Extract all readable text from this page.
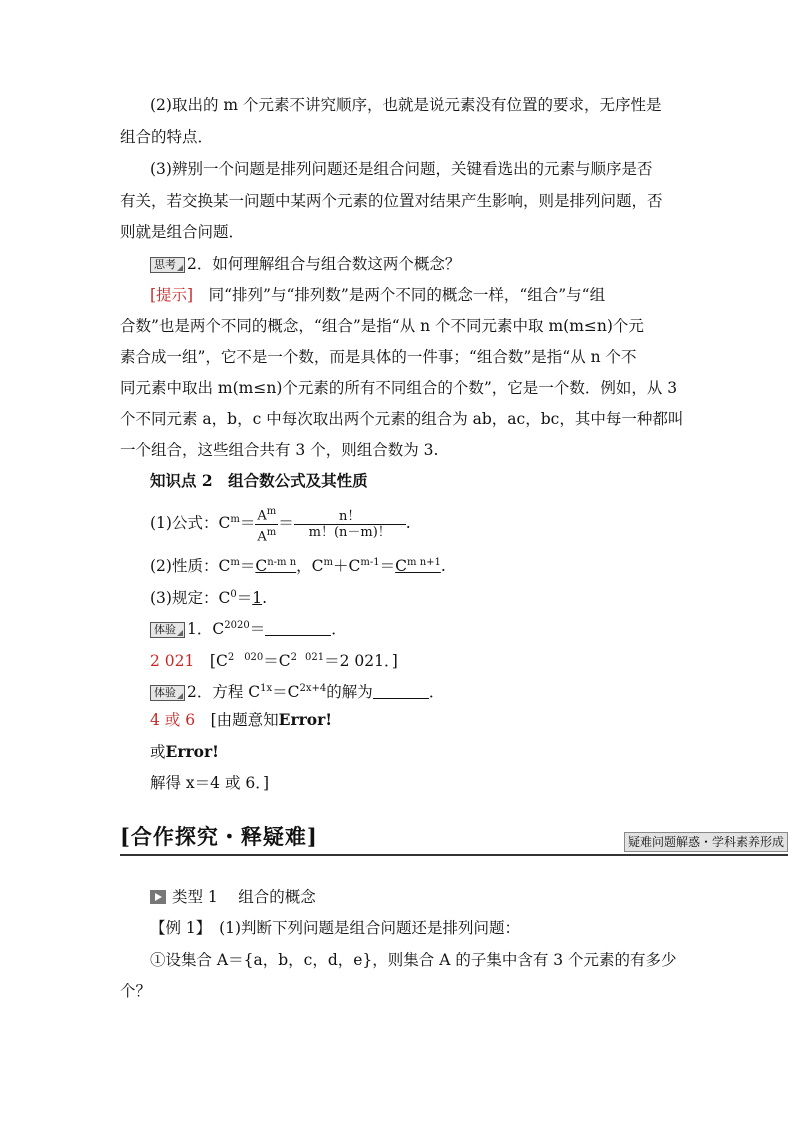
(2)取出的 m 个元素不讲究顺序，也就是说元素没有位置的要求，无序性是
组合的特点．
(3)辨别一个问题是排列问题还是组合问题，关键看选出的元素与顺序是否
有关，若交换某一问题中某两个元素的位置对结果产生影响，则是排列问题，否
则就是组合问题．
思考 2．如何理解组合与组合数这两个概念？
[提示]　 同“排列”与“排列数”是两个不同的概念一样，“组合”与“组
合数”也是两个不同的概念，“组合”是指“从 n 个不同元素中取 m(m≤n)个元
素合成一组”，它不是一个数，而是具体的一件事；“组合数”是指“从 n 个不
同元素中取出 m(m≤n)个元素的所有不同组合的个数”，它是一个数．例如，从 3
个不同元素 a，b，c 中每次取出两个元素的组合为 ab，ac，bc，其中每一种都叫
一个组合，这些组合共有 3 个，则组合数为 3.
知识点 2　组合数公式及其性质
(1)公式：$C^m= \frac{A^m}{A^m} = \frac{n!}{m!(n-m)!}$ .
(2)性质：$C^m=C^{n-m n}$，$C^m+C^{m-1}=C^{m n+1}$.
(3)规定：$C^0=1$.
体验 1．$C^{2020}=$	．
2 021　 [$C^2$ $^{020}=C^2$ $^{021}$＝2 021．]
体验 2．方程 $C^{1x}=C^{2x+4}$的解为	．
4 或 6　 [由题意知Error!
或Error!
解得 x＝4 或 6．]
[合作探究・释疑难]	疑难问题解惑・学科素养形成
类型 1　 组合的概念
【例 1】　 (1)判断下列问题是组合问题还是排列问题：
①设集合 A＝{a，b，c，d，e}，则集合 A 的子集中含有 3 个元素的有多少
个？
